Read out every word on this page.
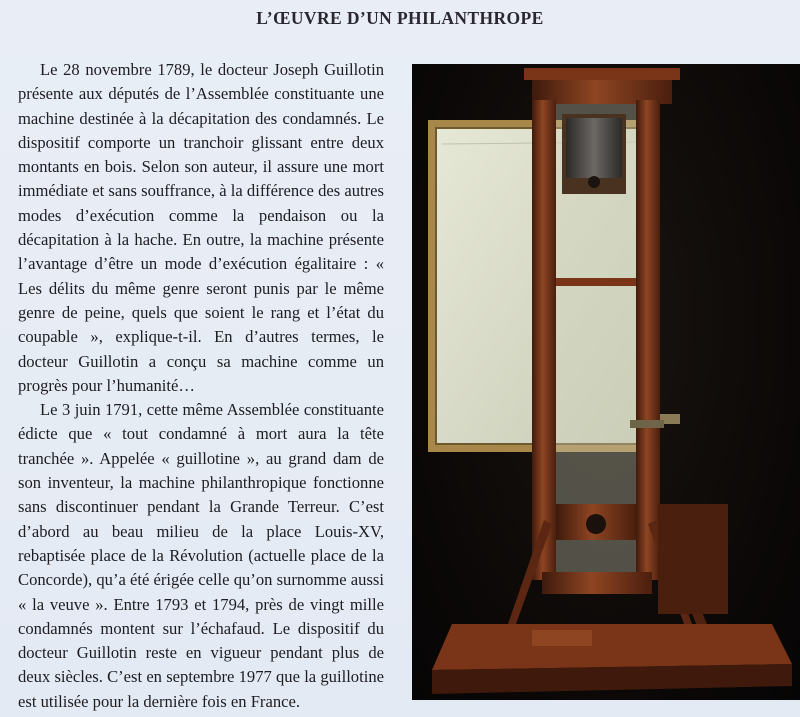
L’ŒUVRE D’UN PHILANTHROPE

Le 28 novembre 1789, le docteur Joseph Guillotin présente aux députés de l’Assemblée constituante une machine destinée à la décapitation des condamnés. Le dispositif comporte un tranchoir glissant entre deux montants en bois. Selon son auteur, il assure une mort immédiate et sans souffrance, à la différence des autres modes d’exécution comme la pendaison ou la décapitation à la hache. En outre, la machine présente l’avantage d’être un mode d’exécution égalitaire : « Les délits du même genre seront punis par le même genre de peine, quels que soient le rang et l’état du coupable », explique-t-il. En d’autres termes, le docteur Guillotin a conçu sa machine comme un progrès pour l’humanité…

Le 3 juin 1791, cette même Assemblée constituante édicte que « tout condamné à mort aura la tête tranchée ». Appelée « guillotine », au grand dam de son inventeur, la machine philanthropique fonctionne sans discontinuer pendant la Grande Terreur. C’est d’abord au beau milieu de la place Louis-XV, rebaptisée place de la Révolution (actuelle place de la Concorde), qu’a été érigée celle qu’on surnomme aussi « la veuve ». Entre 1793 et 1794, près de vingt mille condamnés montent sur l’échafaud. Le dispositif du docteur Guillotin reste en vigueur pendant plus de deux siècles. C’est en septembre 1977 que la guillotine est utilisée pour la dernière fois en France.
